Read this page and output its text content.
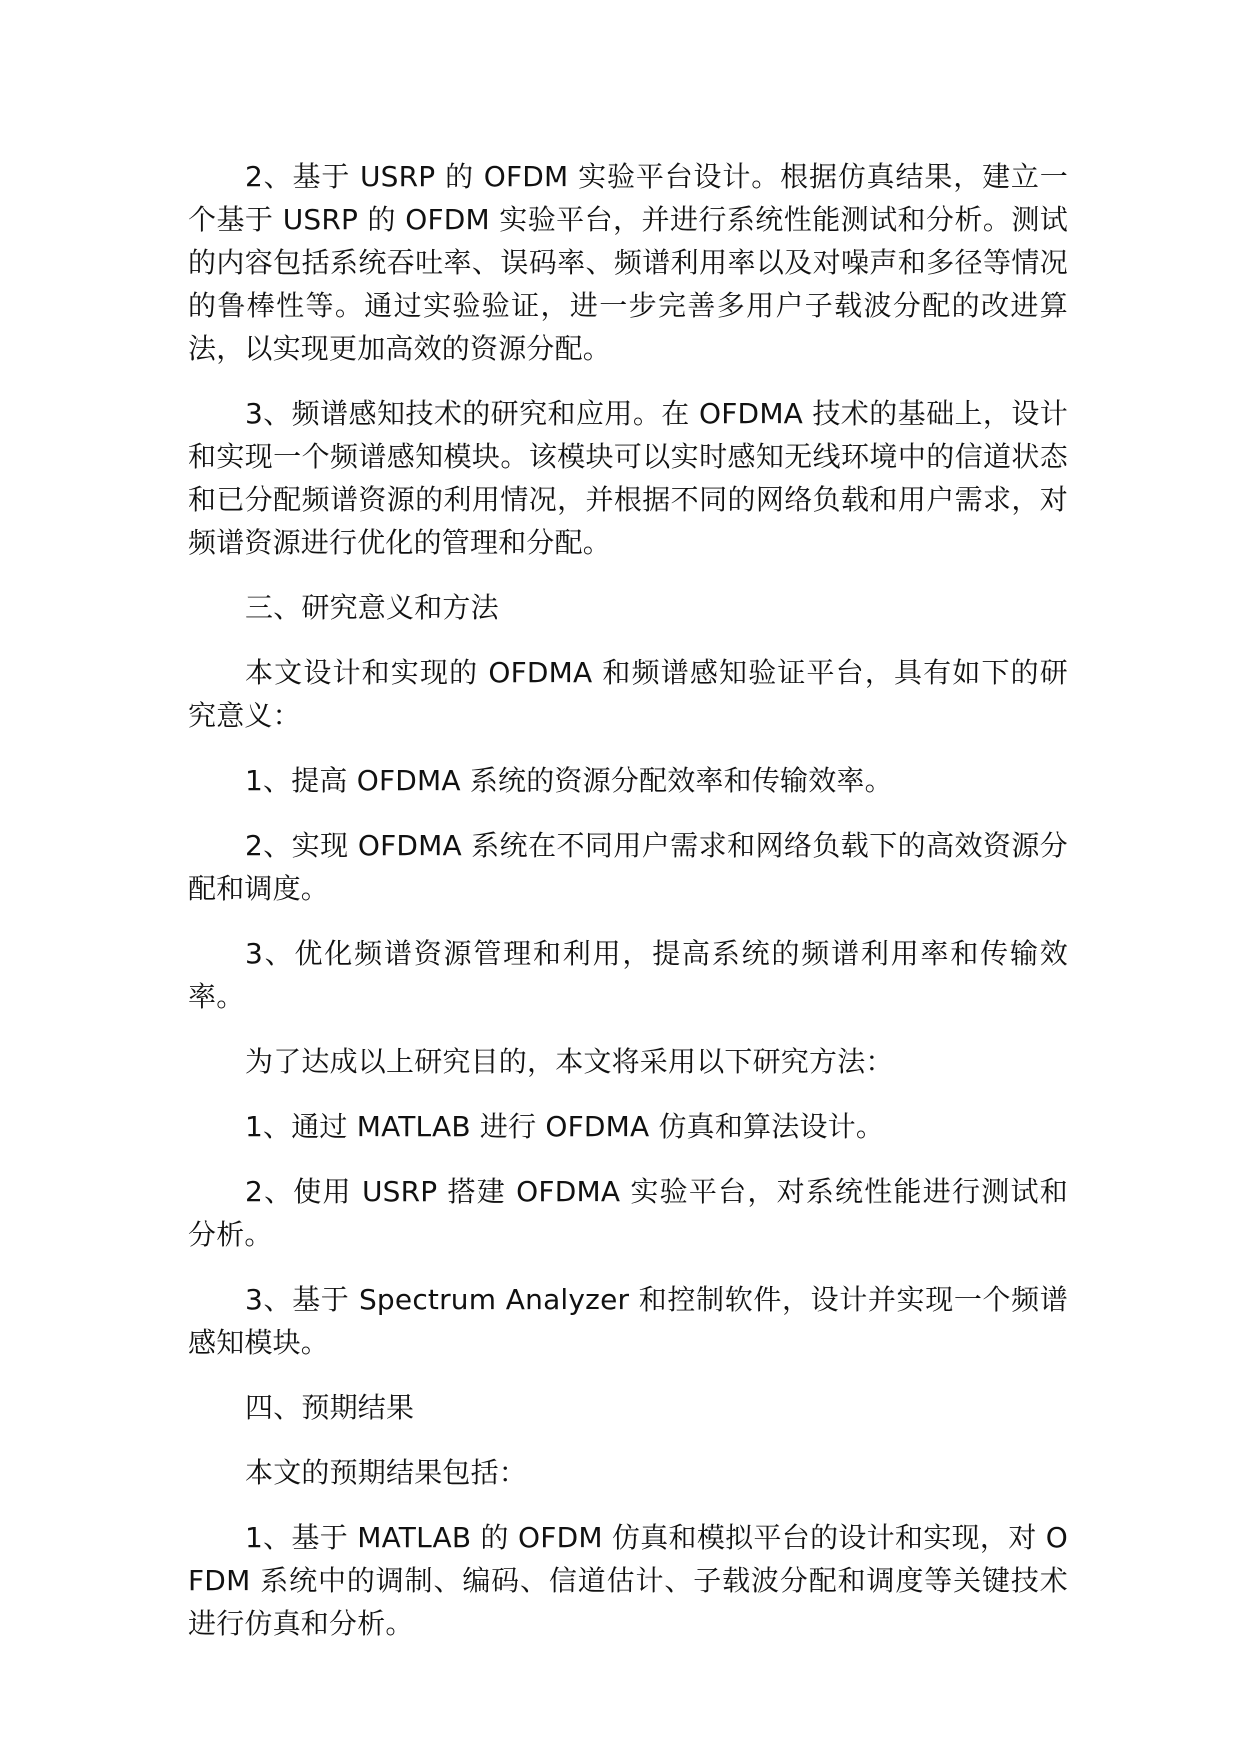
2、基于 USRP 的 OFDM 实验平台设计。根据仿真结果，建立一个基于 USRP 的 OFDM 实验平台，并进行系统性能测试和分析。测试的内容包括系统吞吐率、误码率、频谱利用率以及对噪声和多径等情况的鲁棒性等。通过实验验证，进一步完善多用户子载波分配的改进算法，以实现更加高效的资源分配。

3、频谱感知技术的研究和应用。在 OFDMA 技术的基础上，设计和实现一个频谱感知模块。该模块可以实时感知无线环境中的信道状态和已分配频谱资源的利用情况，并根据不同的网络负载和用户需求，对频谱资源进行优化的管理和分配。

三、研究意义和方法

本文设计和实现的 OFDMA 和频谱感知验证平台，具有如下的研究意义：

1、提高 OFDMA 系统的资源分配效率和传输效率。

2、实现 OFDMA 系统在不同用户需求和网络负载下的高效资源分配和调度。

3、优化频谱资源管理和利用，提高系统的频谱利用率和传输效率。

为了达成以上研究目的，本文将采用以下研究方法：

1、通过 MATLAB 进行 OFDMA 仿真和算法设计。

2、使用 USRP 搭建 OFDMA 实验平台，对系统性能进行测试和分析。

3、基于 Spectrum Analyzer 和控制软件，设计并实现一个频谱感知模块。

四、预期结果

本文的预期结果包括：

1、基于 MATLAB 的 OFDM 仿真和模拟平台的设计和实现，对 OFDM 系统中的调制、编码、信道估计、子载波分配和调度等关键技术进行仿真和分析。
